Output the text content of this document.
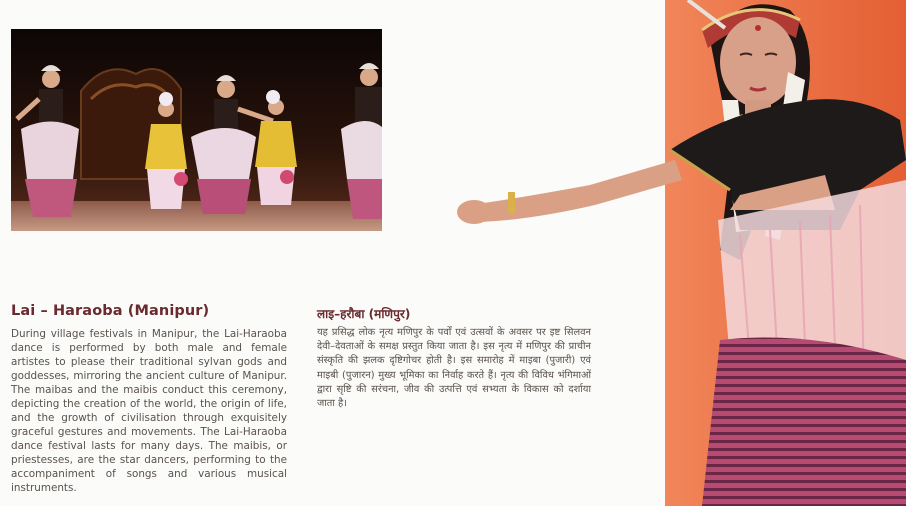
Lai – Haraoba (Manipur)
During village festivals in Manipur, the Lai-Haraoba dance is performed by both male and female artistes to please their traditional sylvan gods and goddesses, mirroring the ancient culture of Manipur. The maibas and the maibis conduct this ceremony, depicting the creation of the world, the origin of life, and the growth of civilisation through exquisitely graceful gestures and movements. The Lai-Haraoba dance festival lasts for many days. The maibis, or priestesses, are the star dancers, performing to the accompaniment of songs and various musical instruments.
लाइ–हरौबा (मणिपुर)
यह प्रसिद्ध लोक नृत्य मणिपुर के पर्वों एवं उत्सवों के अवसर पर इष्ट सिलवन देवी–देवताओं के समक्ष प्रस्तुत किया जाता है। इस नृत्य में मणिपुर की प्राचीन संस्कृति की झलक दृष्टिगोचर होती है। इस समारोह में माइबा (पुजारी) एवं माइबी (पुजारन) मुख्य भूमिका का निर्वाह करते हैं। नृत्य की विविध भंगिमाओं द्वारा सृष्टि की सरंचना, जीव की उत्पत्ति एवं सभ्यता के विकास को दर्शाया जाता है।
